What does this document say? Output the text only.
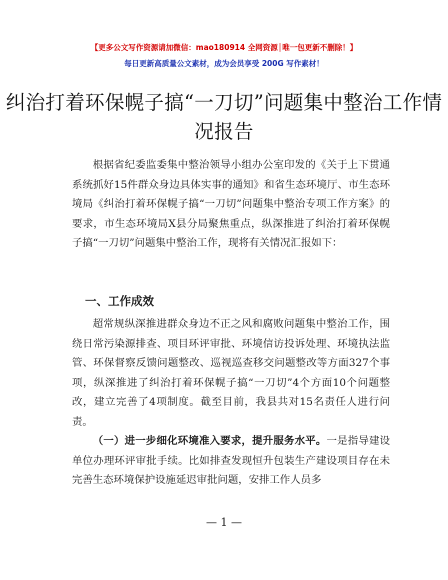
【更多公文写作资源请加微信：mao180914 全网资源│唯一包更新不删除！】
每日更新高质量公文素材，成为会员享受 200G 写作素材！
纠治打着环保幌子搞“一刀切”问题集中整治工作情况报告
根据省纪委监委集中整治领导小组办公室印发的《关于上下贯通系统抓好15件群众身边具体实事的通知》和省生态环境厅、市生态环境局《纠治打着环保幌子搞“一刀切”问题集中整治专项工作方案》的要求，市生态环境局X县分局聚焦重点，纵深推进了纠治打着环保幌子搞“一刀切”问题集中整治工作，现将有关情况汇报如下：
一、工作成效
超常规纵深推进群众身边不正之风和腐败问题集中整治工作，围绕日常污染源排查、项目环评审批、环境信访投诉处理、环境执法监管、环保督察反馈问题整改、巡视巡查移交问题整改等方面327个事项，纵深推进了纠治打着环保幌子搞“一刀切”4个方面10个问题整改，建立完善了4项制度。截至目前，我县共对15名责任人进行问责。
（一）进一步细化环境准入要求，提升服务水平。一是指导建设单位办理环评审批手续。比如排查发现恒升包装生产建设项目存在未完善生态环境保护设施延迟审批问题，安排工作人员多
— 1 —
